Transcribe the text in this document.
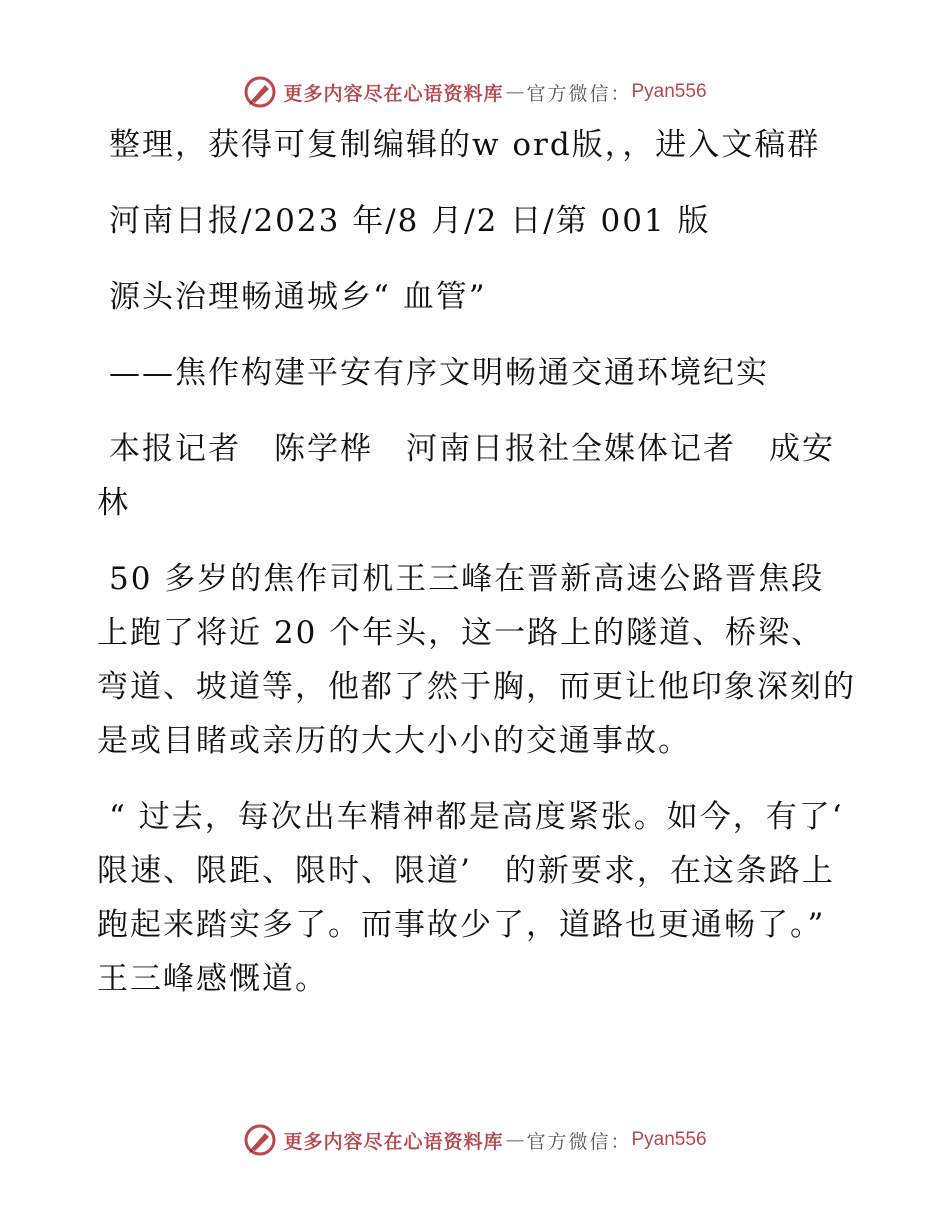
更多内容尽在心语资料库 — 官方微信： Pyan556

整理，获得可复制编辑的w ord版，，进入文稿群

河南日报/2023 年/8 月/2 日/第 001 版

源头治理畅通城乡“ 血管”

——焦作构建平安有序文明畅通交通环境纪实

本报记者　陈学桦　河南日报社全媒体记者　成安林

50 多岁的焦作司机王三峰在晋新高速公路晋焦段上跑了将近 20 个年头，这一路上的隧道、桥梁、弯道、坡道等，他都了然于胸，而更让他印象深刻的是或目睹或亲历的大大小小的交通事故。

“ 过去，每次出车精神都是高度紧张。如今，有了‘ 限速、限距、限时、限道’　的新要求，在这条路上跑起来踏实多了。而事故少了，道路也更通畅了。”　王三峰感慨道。

更多内容尽在心语资料库 — 官方微信： Pyan556
